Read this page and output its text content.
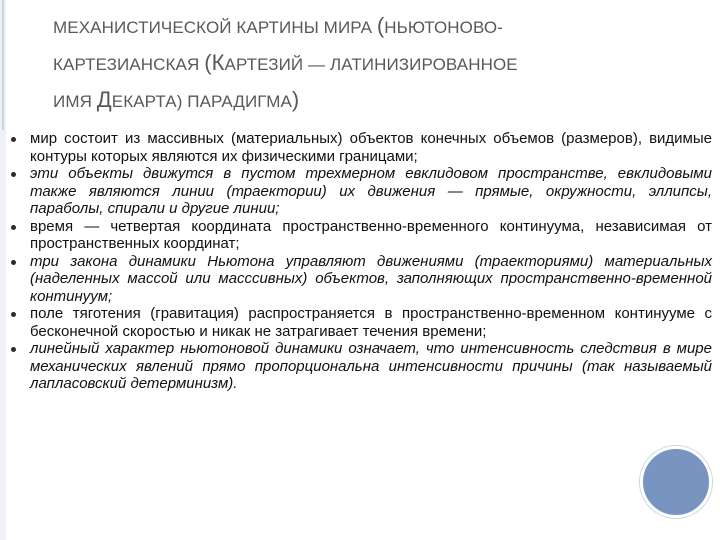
МЕХАНИСТИЧЕСКОЙ КАРТИНЫ МИРА (НЬЮТОНОВО-
КАРТЕЗИАНСКАЯ (КАРТЕЗИЙ — ЛАТИНИЗИРОВАННОЕ
ИМЯ ДЕКАРТА) ПАРАДИГМА)
мир состоит из массивных (материальных) объектов конечных объемов (размеров), видимые контуры которых являются их физическими границами;
эти объекты движутся в пустом трехмерном евклидовом пространстве, евклидовыми также являются линии (траектории) их движения — прямые, окружности, эллипсы, параболы, спирали и другие линии;
время — четвертая координата пространственно-временного континуума, независимая от пространственных координат;
три закона динамики Ньютона управляют движениями (траекториями) материальных (наделенных массой или масссивных) объектов, заполняющих пространственно-временной континуум;
поле тяготения (гравитация) распространяется в пространственно-временном континууме с бесконечной скоростью и никак не затрагивает течения времени;
линейный характер ньютоновой динамики означает, что интенсивность следствия в мире механических явлений прямо пропорциональна интенсивности причины (так называемый лапласовский детерминизм).
